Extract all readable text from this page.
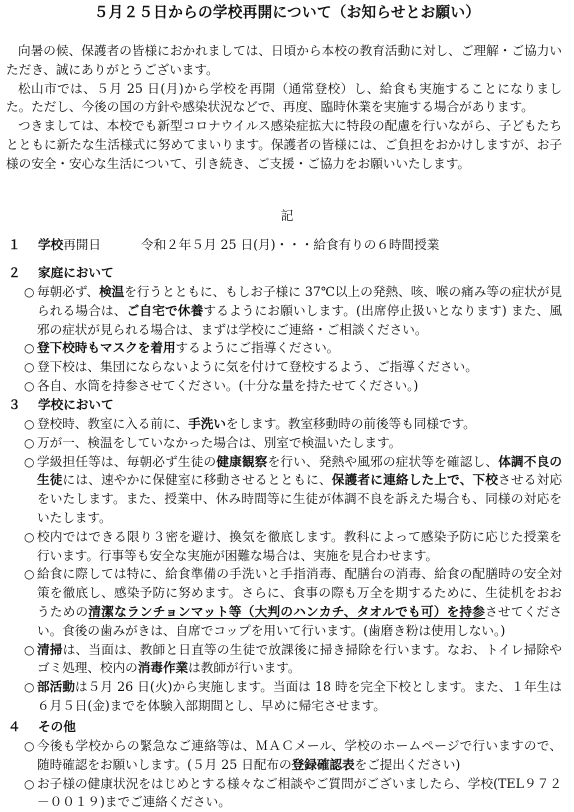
５月２５日からの学校再開について（お知らせとお願い）

向暑の候、保護者の皆様におかれましては、日頃から本校の教育活動に対し、ご理解・ご協力いただき、誠にありがとうございます。

松山市では、５月 25 日(月)から学校を再開（通常登校）し、給食も実施することになりました。ただし、今後の国の方針や感染状況などで、再度、臨時休業を実施する場合があります。

つきましては、本校でも新型コロナウイルス感染症拡大に特段の配慮を行いながら、子どもたちとともに新たな生活様式に努めてまいります。保護者の皆様には、ご負担をおかけしますが、お子様の安全・安心な生活について、引き続き、ご支援・ご協力をお願いいたします。

記
１	学校 再開日	令和２年５月 25 日(月)・・・給食有りの６時間授業
２	家庭において
○ 毎朝必ず、検温を行うとともに、もしお子様に 37℃以上の発熱、咳、喉の痛み等の症状が見られる場合は、ご自宅で休養するようにお願いします。(出席停止扱いとなります) また、風邪の症状が見られる場合は、まずは学校にご連絡・ご相談ください。
○ 登下校時もマスクを着用するようにご指導ください。
○ 登下校は、集団にならないように気を付けて登校するよう、ご指導ください。
○ 各自、水筒を持参させてください。(十分な量を持たせてください。)
３	学校において
○ 登校時、教室に入る前に、手洗いをします。教室移動時の前後等も同様です。
○ 万が一、検温をしていなかった場合は、別室で検温いたします。
○ 学級担任等は、毎朝必ず生徒の健康観察を行い、発熱や風邪の症状等を確認し、体調不良の生徒には、速やかに保健室に移動させるとともに、保護者に連絡した上で、下校させる対応をいたします。また、授業中、休み時間等に生徒が体調不良を訴えた場合も、同様の対応をいたします。
○ 校内ではできる限り３密を避け、換気を徹底します。教科によって感染予防に応じた授業を行います。行事等も安全な実施が困難な場合は、実施を見合わせます。
○ 給食に際しては特に、給食準備の手洗いと手指消毒、配膳台の消毒、給食の配膳時の安全対策を徹底し、感染予防に努めます。さらに、食事の際も万全を期するために、生徒机をおおうための清潔なランチョンマット等（大判のハンカチ、タオルでも可）を持参させてください。食後の歯みがきは、自席でコップを用いて行います。(歯磨き粉は使用しない。)
○ 清掃は、当面は、教師と日直等の生徒で放課後に掃き掃除を行います。なお、トイレ掃除やゴミ処理、校内の消毒作業は教師が行います。
○ 部活動は５月 26 日(火)から実施します。当面は 18 時を完全下校とします。また、１年生は６月５日(金)までを体験入部期間とし、早めに帰宅させます。
４	その他
○ 今後も学校からの緊急なご連絡等は、ＭＡＣメール、学校のホームページで行いますので、随時確認をお願いします。(５月 25 日配布の登録確認表をご提出ください)
○ お子様の健康状況をはじめとする様々なご相談やご質問がございましたら、学校(TEL９７２－００１９)までご連絡ください。
